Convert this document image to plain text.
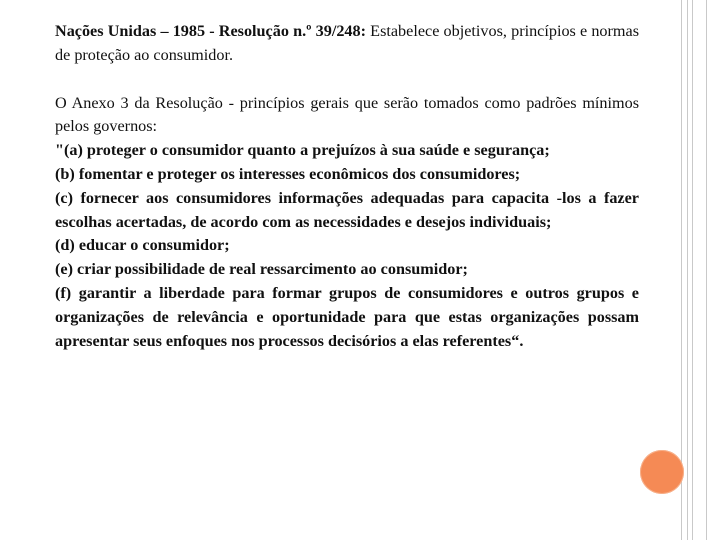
Nações Unidas – 1985 - Resolução n.º 39/248: Estabelece objetivos, princípios e normas de proteção ao consumidor.

O Anexo 3 da Resolução - princípios gerais que serão tomados como padrões mínimos pelos governos:

"(a) proteger o consumidor quanto a prejuízos à sua saúde e segurança;
(b) fomentar e proteger os interesses econômicos dos consumidores;
(c) fornecer aos consumidores informações adequadas para capacita -los a fazer escolhas acertadas, de acordo com as necessidades e desejos individuais;
(d) educar o consumidor;
(e) criar possibilidade de real ressarcimento ao consumidor;
(f) garantir a liberdade para formar grupos de consumidores e outros grupos e organizações de relevância e oportunidade para que estas organizações possam apresentar seus enfoques nos processos decisórios a elas referentes“.
